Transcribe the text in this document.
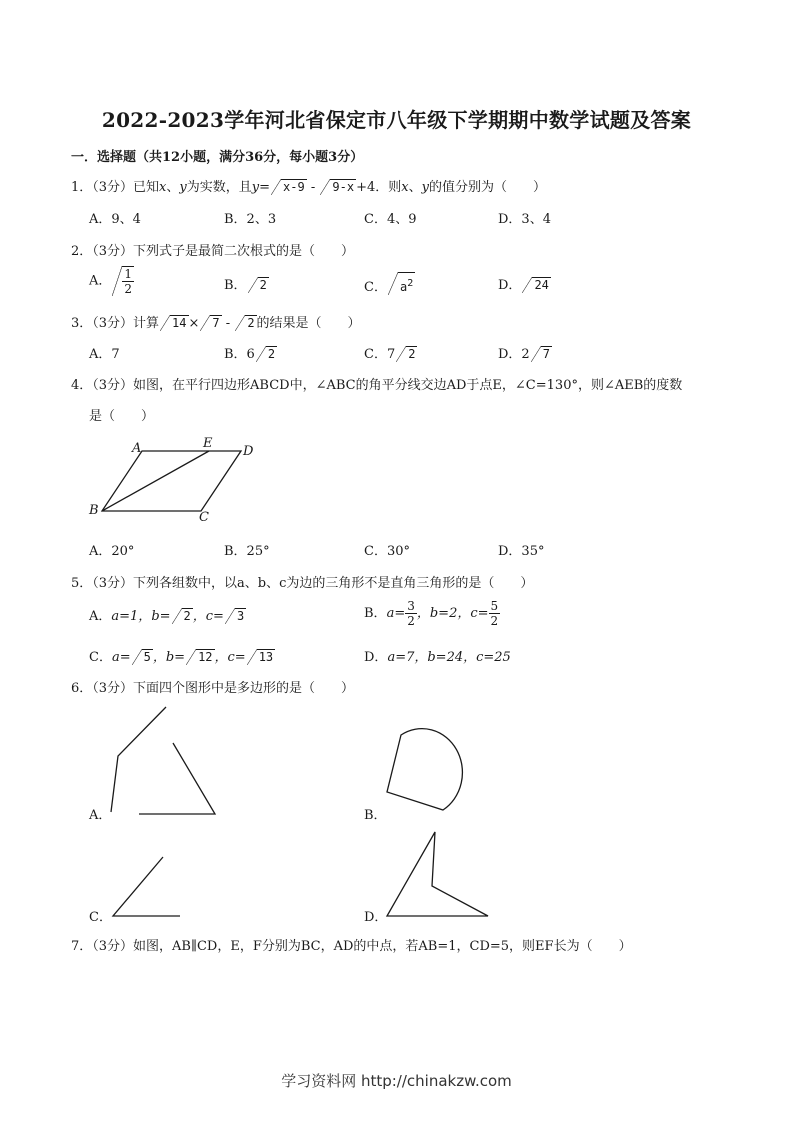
2022-2023学年河北省保定市八年级下学期期中数学试题及答案
一．选择题（共12小题，满分36分，每小题3分）
1．（3分）已知x、y为实数，且y= x-9 - 9-x +4．则x、y的值分别为（　　）
A．9、4	B．2、3	C．4、9	D．3、4
2．（3分）下列式子是最简二次根式的是（　　）
A． $\frac{1}{2}$	B． 2	C． $a^2$	D． 24
3．（3分）计算 14 × 7 - 2 的结果是（　　）
A．7	B．6 2	C．7 2	D．2 7
4．（3分）如图，在平行四边形ABCD中，∠ABC的角平分线交边AD于点E，∠C=130°，则∠AEB的度数
是（　　）
A	E
D
B	C
A．20°	B．25°	C．30°	D．35°
5．（3分）下列各组数中，以a、b、c为边的三角形不是直角三角形的是（　　）
A．a=1，b= 2 ，c= 3	B．$a= \frac{3}{2}$ ，b=2，$c= \frac{5}{2}$
C．a= 5 ，b= 12 ，c= 13	D．a=7，b=24，c=25
6．（3分）下面四个图形中是多边形的是（　　）
A．	B．
C．	D．
7．（3分）如图，AB∥CD，E，F分别为BC，AD的中点，若AB=1，CD=5，则EF长为（　　）
学习资料网 http://chinakzw.com
